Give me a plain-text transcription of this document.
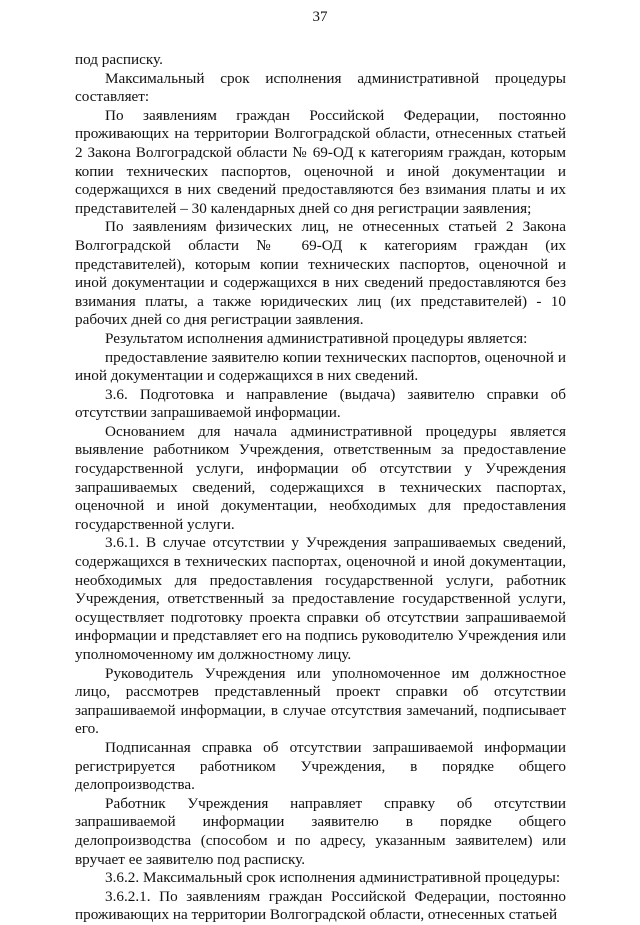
37

под расписку.

Максимальный срок исполнения административной процедуры составляет:

По заявлениям граждан Российской Федерации, постоянно проживающих на территории Волгоградской области, отнесенных статьей 2 Закона Волгоградской области № 69-ОД к категориям граждан, которым копии технических паспортов, оценочной и иной документации и содержащихся в них сведений предоставляются без взимания платы и их представителей – 30 календарных дней со дня регистрации заявления;

По заявлениям физических лиц, не отнесенных статьей 2 Закона Волгоградской области № 69-ОД к категориям граждан (их представителей), которым копии технических паспортов, оценочной и иной документации и содержащихся в них сведений предоставляются без взимания платы, а также юридических лиц (их представителей) - 10 рабочих дней со дня регистрации заявления.

Результатом исполнения административной процедуры является:

предоставление заявителю копии технических паспортов, оценочной и иной документации и содержащихся в них сведений.

3.6. Подготовка и направление (выдача) заявителю справки об отсутствии запрашиваемой информации.

Основанием для начала административной процедуры является выявление работником Учреждения, ответственным за предоставление государственной услуги, информации об отсутствии у Учреждения запрашиваемых сведений, содержащихся в технических паспортах, оценочной и иной документации, необходимых для предоставления государственной услуги.

3.6.1. В случае отсутствии у Учреждения запрашиваемых сведений, содержащихся в технических паспортах, оценочной и иной документации, необходимых для предоставления государственной услуги, работник Учреждения, ответственный за предоставление государственной услуги, осуществляет подготовку проекта справки об отсутствии запрашиваемой информации и представляет его на подпись руководителю Учреждения или уполномоченному им должностному лицу.

Руководитель Учреждения или уполномоченное им должностное лицо, рассмотрев представленный проект справки об отсутствии запрашиваемой информации, в случае отсутствия замечаний, подписывает его.

Подписанная справка об отсутствии запрашиваемой информации регистрируется работником Учреждения, в порядке общего делопроизводства.

Работник Учреждения направляет справку об отсутствии запрашиваемой информации заявителю в порядке общего делопроизводства (способом и по адресу, указанным заявителем) или вручает ее заявителю под расписку.

3.6.2. Максимальный срок исполнения административной процедуры:

3.6.2.1. По заявлениям граждан Российской Федерации, постоянно проживающих на территории Волгоградской области, отнесенных статьей
